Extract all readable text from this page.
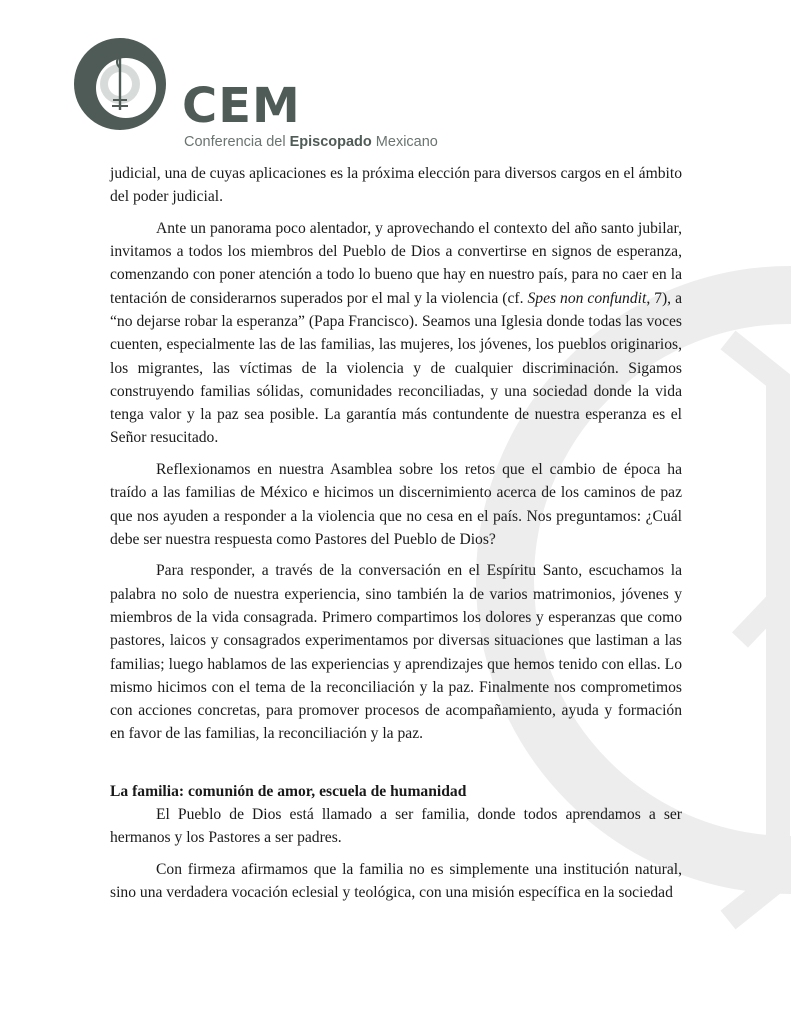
CEM
Conferencia del Episcopado Mexicano

judicial, una de cuyas aplicaciones es la próxima elección para diversos cargos en el ámbito del poder judicial.

Ante un panorama poco alentador, y aprovechando el contexto del año santo jubilar, invitamos a todos los miembros del Pueblo de Dios a convertirse en signos de esperanza, comenzando con poner atención a todo lo bueno que hay en nuestro país, para no caer en la tentación de considerarnos superados por el mal y la violencia (cf. Spes non confundit, 7), a “no dejarse robar la esperanza” (Papa Francisco). Seamos una Iglesia donde todas las voces cuenten, especialmente las de las familias, las mujeres, los jóvenes, los pueblos originarios, los migrantes, las víctimas de la violencia y de cualquier discriminación. Sigamos construyendo familias sólidas, comunidades reconciliadas, y una sociedad donde la vida tenga valor y la paz sea posible. La garantía más contundente de nuestra esperanza es el Señor resucitado.

Reflexionamos en nuestra Asamblea sobre los retos que el cambio de época ha traído a las familias de México e hicimos un discernimiento acerca de los caminos de paz que nos ayuden a responder a la violencia que no cesa en el país. Nos preguntamos: ¿Cuál debe ser nuestra respuesta como Pastores del Pueblo de Dios?

Para responder, a través de la conversación en el Espíritu Santo, escuchamos la palabra no solo de nuestra experiencia, sino también la de varios matrimonios, jóvenes y miembros de la vida consagrada. Primero compartimos los dolores y esperanzas que como pastores, laicos y consagrados experimentamos por diversas situaciones que lastiman a las familias; luego hablamos de las experiencias y aprendizajes que hemos tenido con ellas. Lo mismo hicimos con el tema de la reconciliación y la paz. Finalmente nos comprometimos con acciones concretas, para promover procesos de acompañamiento, ayuda y formación en favor de las familias, la reconciliación y la paz.

La familia: comunión de amor, escuela de humanidad

El Pueblo de Dios está llamado a ser familia, donde todos aprendamos a ser hermanos y los Pastores a ser padres.

Con firmeza afirmamos que la familia no es simplemente una institución natural, sino una verdadera vocación eclesial y teológica, con una misión específica en la sociedad
